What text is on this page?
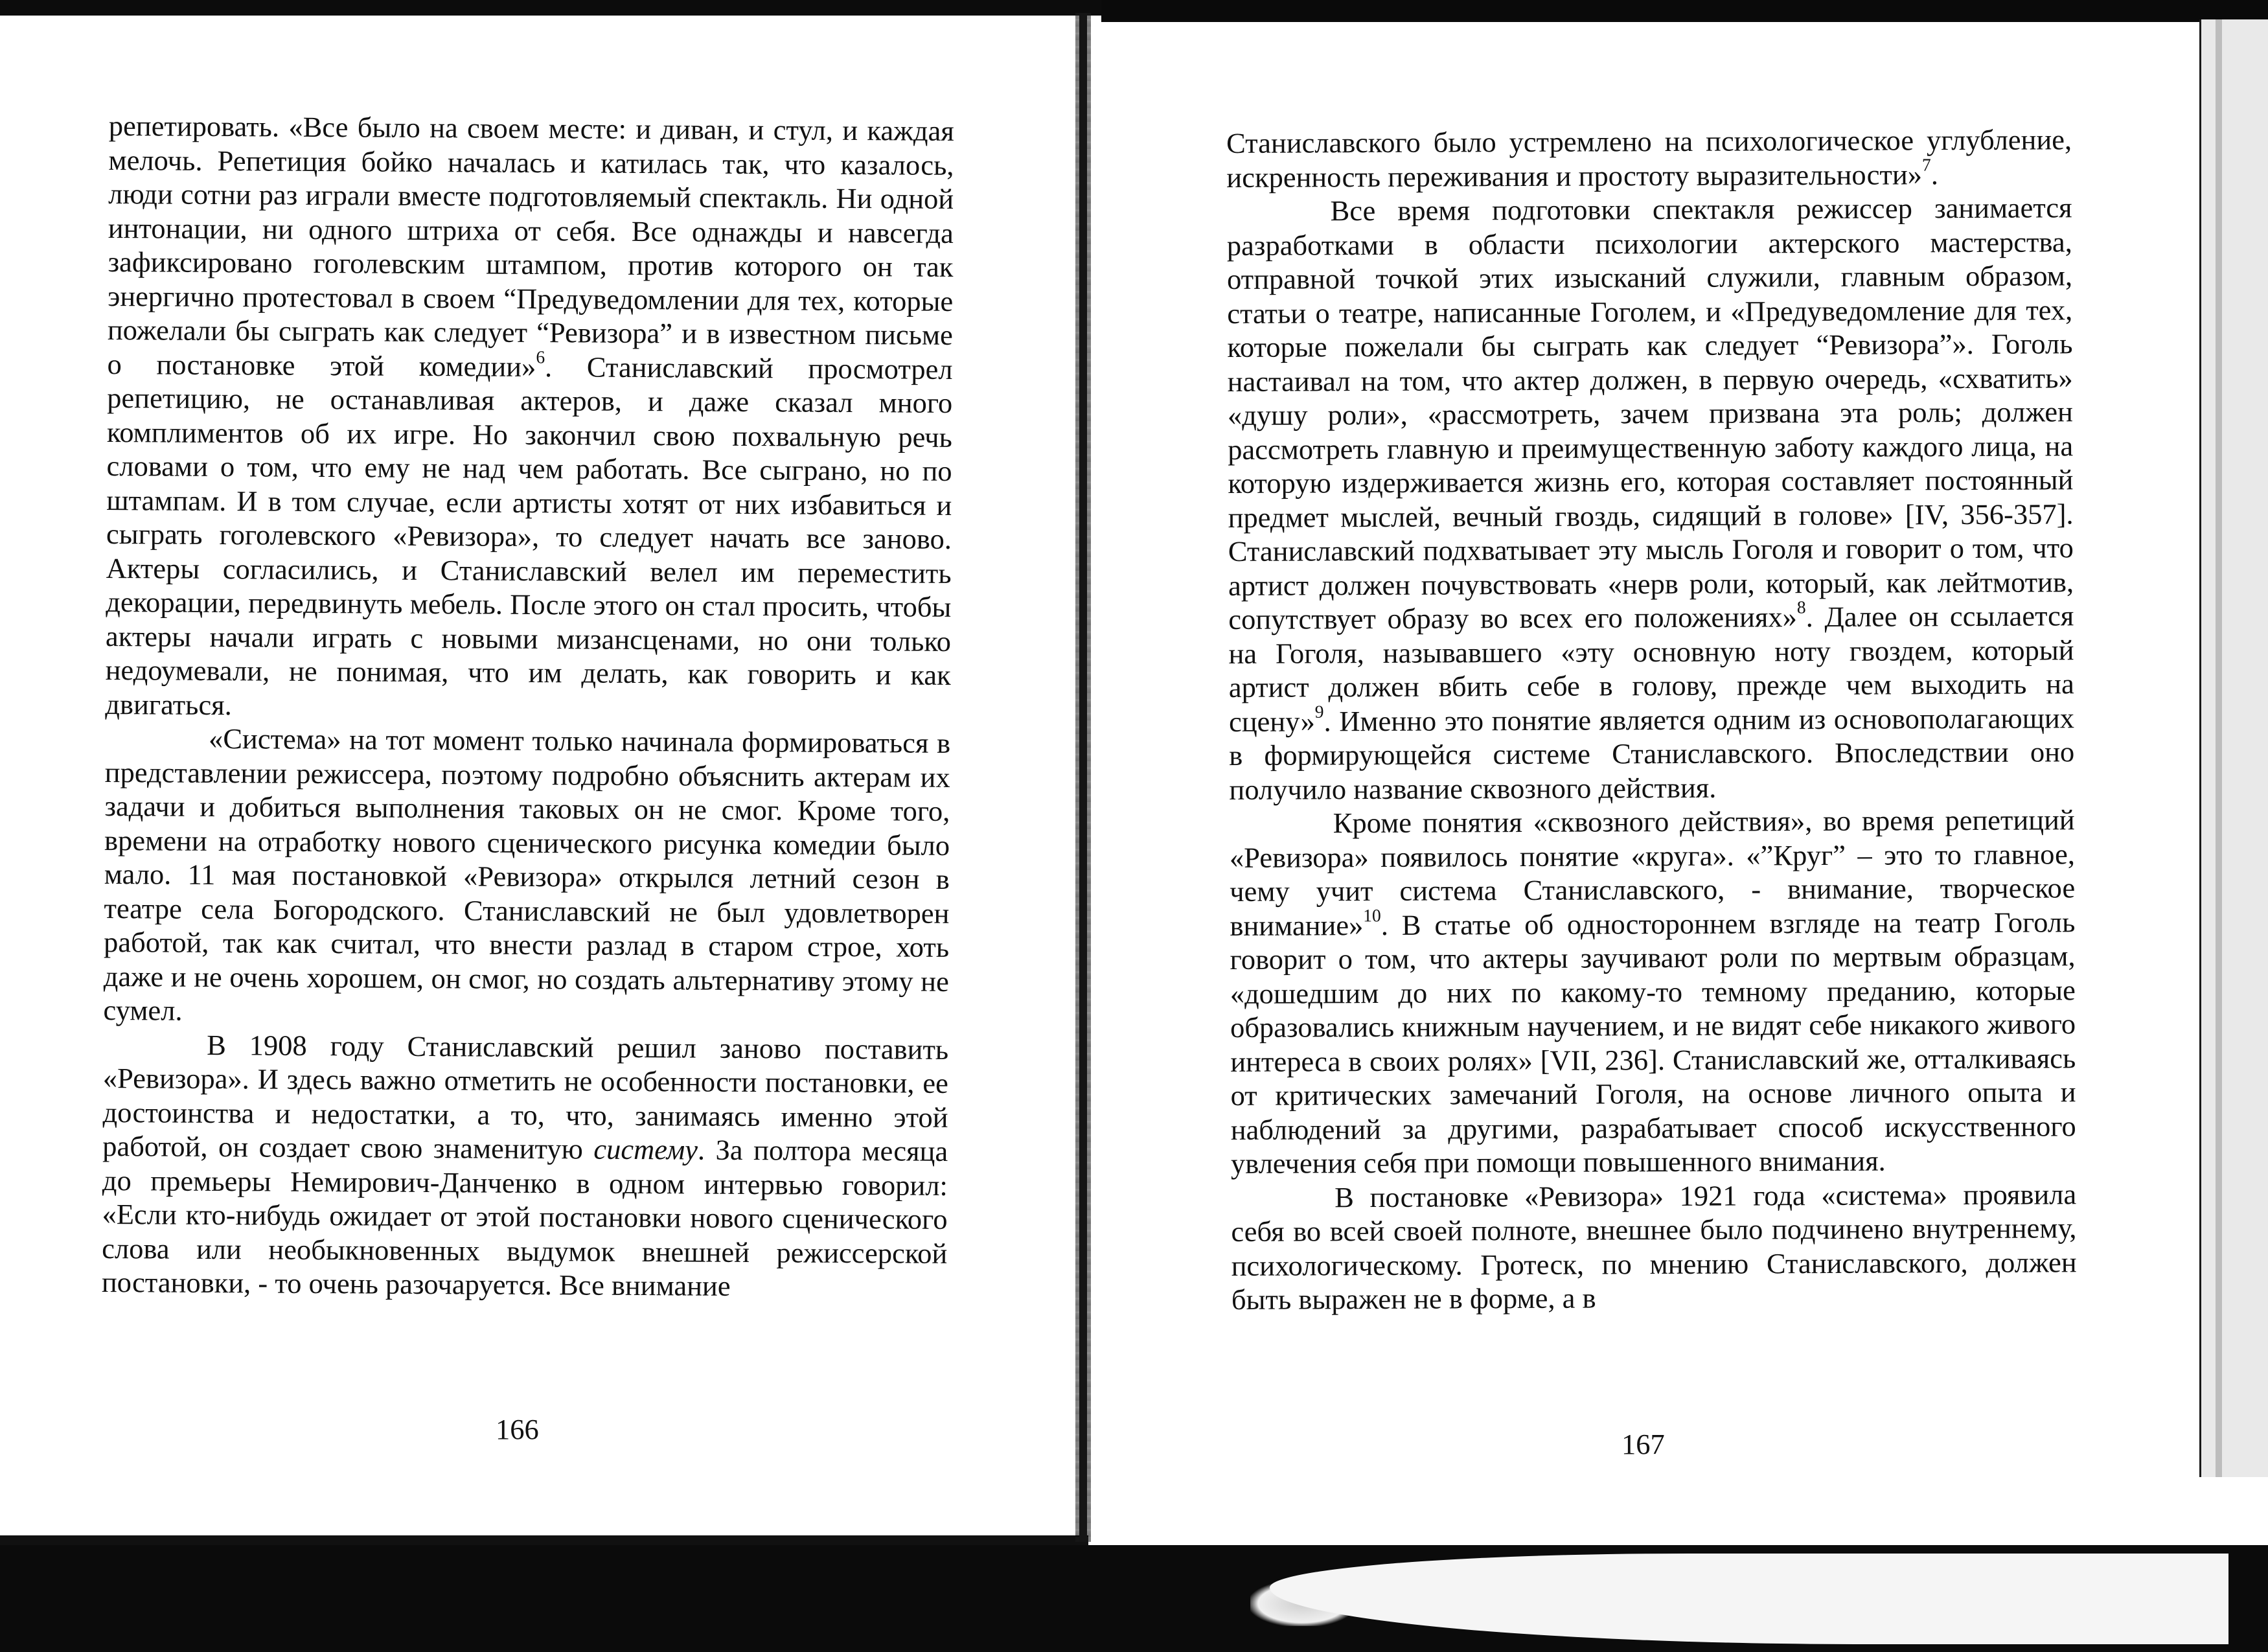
репетировать. «Все было на своем месте: и диван, и стул, и каждая мелочь. Репетиция бойко началась и катилась так, что казалось, люди сотни раз играли вместе подготовляемый спектакль. Ни одной интонации, ни одного штриха от себя. Все однажды и навсегда зафиксировано гоголевским штампом, против которого он так энергично протестовал в своем “Предуведомлении для тех, которые пожелали бы сыграть как следует “Ревизора” и в известном письме о постановке этой комедии»$^6$. Станиславский просмотрел репетицию, не останавливая актеров, и даже сказал много комплиментов об их игре. Но закончил свою похвальную речь словами о том, что ему не над чем работать. Все сыграно, но по штампам. И в том случае, если артисты хотят от них избавиться и сыграть гоголевского «Ревизора», то следует начать все заново. Актеры согласились, и Станиславский велел им переместить декорации, передвинуть мебель. После этого он стал просить, чтобы актеры начали играть с новыми мизансценами, но они только недоумевали, не понимая, что им делать, как говорить и как двигаться.

«Система» на тот момент только начинала формироваться в представлении режиссера, поэтому подробно объяснить актерам их задачи и добиться выполнения таковых он не смог. Кроме того, времени на отработку нового сценического рисунка комедии было мало. 11 мая постановкой «Ревизора» открылся летний сезон в театре села Богородского. Станиславский не был удовлетворен работой, так как считал, что внести разлад в старом строе, хоть даже и не очень хорошем, он смог, но создать альтернативу этому не сумел.

В 1908 году Станиславский решил заново поставить «Ревизора». И здесь важно отметить не особенности постановки, ее достоинства и недостатки, а то, что, занимаясь именно этой работой, он создает свою знаменитую систему. За полтора месяца до премьеры Немирович-Данченко в одном интервью говорил: «Если кто-нибудь ожидает от этой постановки нового сценического слова или необыкновенных выдумок внешней режиссерской постановки, - то очень разочаруется. Все внимание

166

Станиславского было устремлено на психологическое углубление, искренность переживания и простоту выразительности»$^7$.

Все время подготовки спектакля режиссер занимается разработками в области психологии актерского мастерства, отправной точкой этих изысканий служили, главным образом, статьи о театре, написанные Гоголем, и «Предуведомление для тех, которые пожелали бы сыграть как следует “Ревизора”». Гоголь настаивал на том, что актер должен, в первую очередь, «схватить» «душу роли», «рассмотреть, зачем призвана эта роль; должен рассмотреть главную и преимущественную заботу каждого лица, на которую издерживается жизнь его, которая составляет постоянный предмет мыслей, вечный гвоздь, сидящий в голове» [IV, 356-357]. Станиславский подхватывает эту мысль Гоголя и говорит о том, что артист должен почувствовать «нерв роли, который, как лейтмотив, сопутствует образу во всех его положениях»$^8$. Далее он ссылается на Гоголя, называвшего «эту основную ноту гвоздем, который артист должен вбить себе в голову, прежде чем выходить на сцену»$^9$. Именно это понятие является одним из основополагающих в формирующейся системе Станиславского. Впоследствии оно получило название сквозного действия.

Кроме понятия «сквозного действия», во время репетиций «Ревизора» появилось понятие «круга». «”Круг” – это то главное, чему учит система Станиславского, - внимание, творческое внимание»$^{10}$. В статье об одностороннем взгляде на театр Гоголь говорит о том, что актеры заучивают роли по мертвым образцам, «дошедшим до них по какому-то темному преданию, которые образовались книжным научением, и не видят себе никакого живого интереса в своих ролях» [VII, 236]. Станиславский же, отталкиваясь от критических замечаний Гоголя, на основе личного опыта и наблюдений за другими, разрабатывает способ искусственного увлечения себя при помощи повышенного внимания.

В постановке «Ревизора» 1921 года «система» проявила себя во всей своей полноте, внешнее было подчинено внутреннему, психологическому. Гротеск, по мнению Станиславского, должен быть выражен не в форме, а в

167
